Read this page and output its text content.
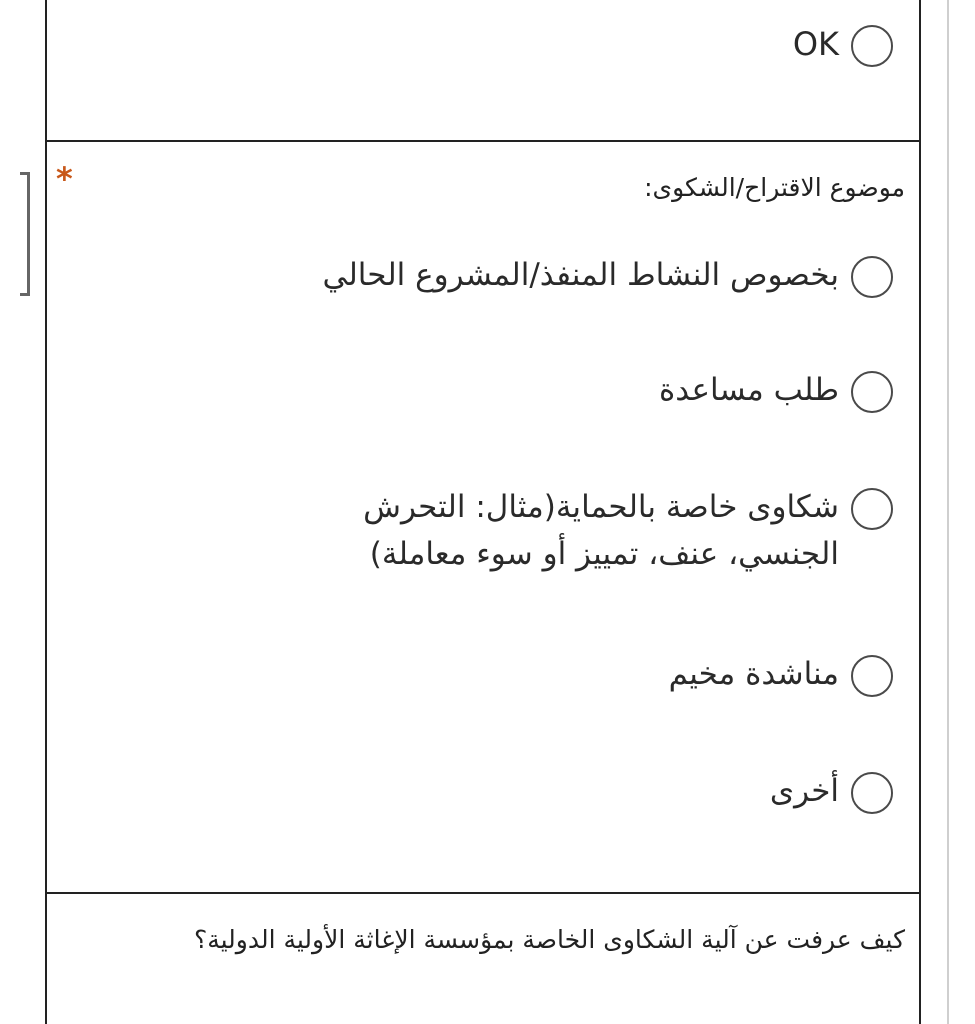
OK
*	موضوع الاقتراح/الشكوى:
بخصوص النشاط المنفذ/المشروع الحالي
طلب مساعدة
شكاوى خاصة بالحماية(مثال: التحرش الجنسي، عنف، تمييز أو سوء معاملة)
مناشدة مخيم
أخرى
كيف عرفت عن آلية الشكاوى الخاصة بمؤسسة الإغاثة الأولية الدولية؟
